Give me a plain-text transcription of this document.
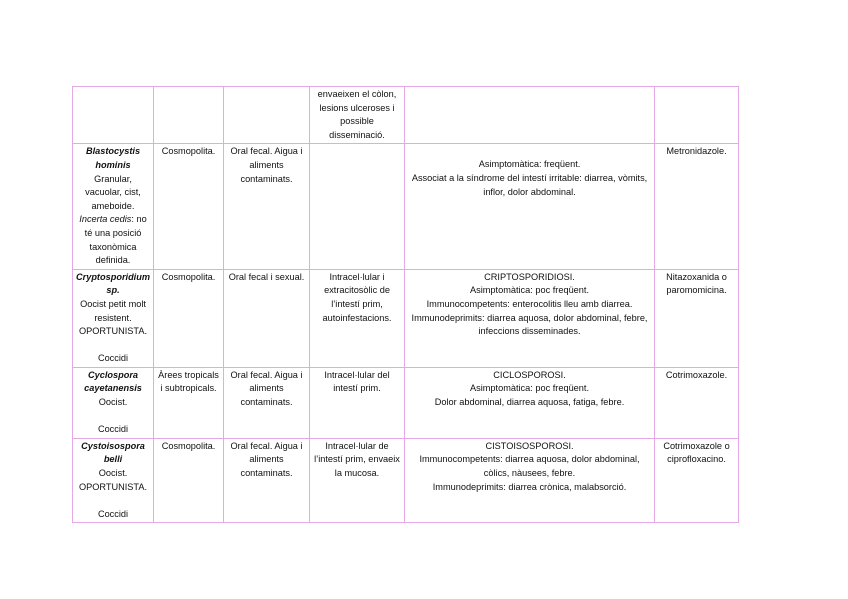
			envaeixen el còlon, lesions ulceroses i possible disseminació.		

Blastocystis hominis
Granular, vacuolar, cist, ameboide.
Incerta cedis: no té una posició taxonòmica definida.	Cosmopolita.	Oral fecal. Aigua i aliments contaminats.		Asimptomàtica: freqüent.
Associat a la síndrome del intestí irritable: diarrea, vòmits, inflor, dolor abdominal.	Metronidazole.

Cryptosporidium sp.
Oocist petit molt resistent.
OPORTUNISTA.
Coccidi	Cosmopolita.	Oral fecal i sexual.	Intracel·lular i extracitosòlic de l’intestí prim, autoinfestacions.	CRIPTOSPORIDIOSI.
Asimptomàtica: poc freqüent.
Immunocompetents: enterocolitis lleu amb diarrea.
Immunodeprimits: diarrea aquosa, dolor abdominal, febre, infeccions disseminades.	Nitazoxanida o paromomicina.

Cyclospora cayetanensis
Oocist.
Coccidi	Àrees tropicals i subtropicals.	Oral fecal. Aigua i aliments contaminats.	Intracel·lular del intestí prim.	CICLOSPOROSI.
Asimptomàtica: poc freqüent.
Dolor abdominal, diarrea aquosa, fatiga, febre.	Cotrimoxazole.

Cystoisospora belli
Oocist.
OPORTUNISTA.
Coccidi	Cosmopolita.	Oral fecal. Aigua i aliments contaminats.	Intracel·lular de l’intestí prim, envaeix la mucosa.	CISTOISOSPOROSI.
Immunocompetents: diarrea aquosa, dolor abdominal, còlics, nàusees, febre.
Immunodeprimits: diarrea crònica, malabsorció.	Cotrimoxazole o ciprofloxacino.
